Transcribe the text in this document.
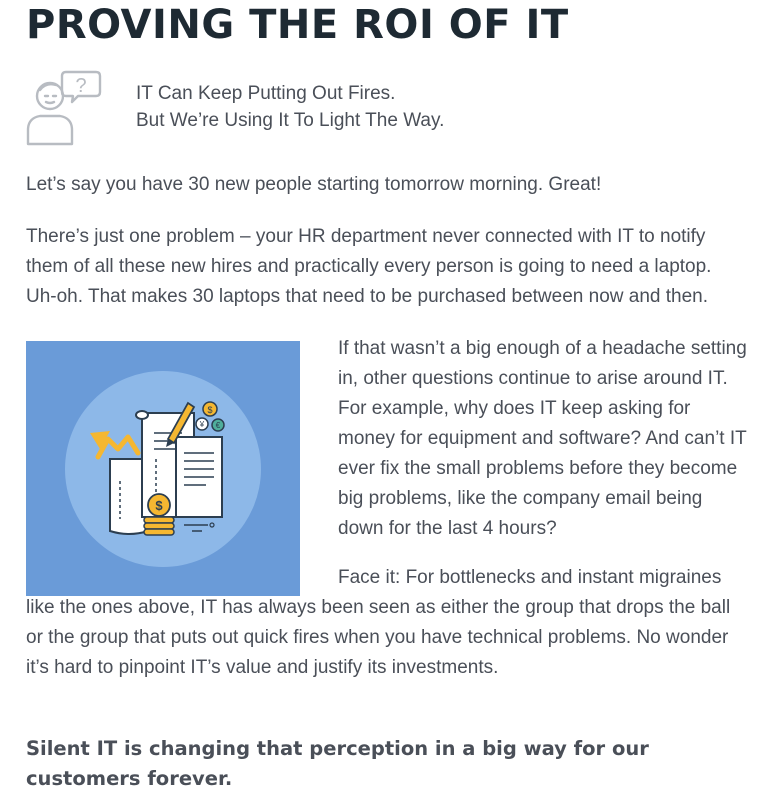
PROVING THE ROI OF IT
?	IT Can Keep Putting Out Fires.
But We’re Using It To Light The Way.

Let’s say you have 30 new people starting tomorrow morning. Great!

There’s just one problem – your HR department never connected with IT to notify them of all these new hires and practically every person is going to need a laptop. Uh-oh. That makes 30 laptops that need to be purchased between now and then.

$
¥ €
$

If that wasn’t a big enough of a headache setting in, other questions continue to arise around IT. For example, why does IT keep asking for money for equipment and software? And can’t IT ever fix the small problems before they become big problems, like the company email being down for the last 4 hours?

Face it: For bottlenecks and instant migraines like the ones above, IT has always been seen as either the group that drops the ball or the group that puts out quick fires when you have technical problems. No wonder it’s hard to pinpoint IT’s value and justify its investments.

Silent IT is changing that perception in a big way for our customers forever.
